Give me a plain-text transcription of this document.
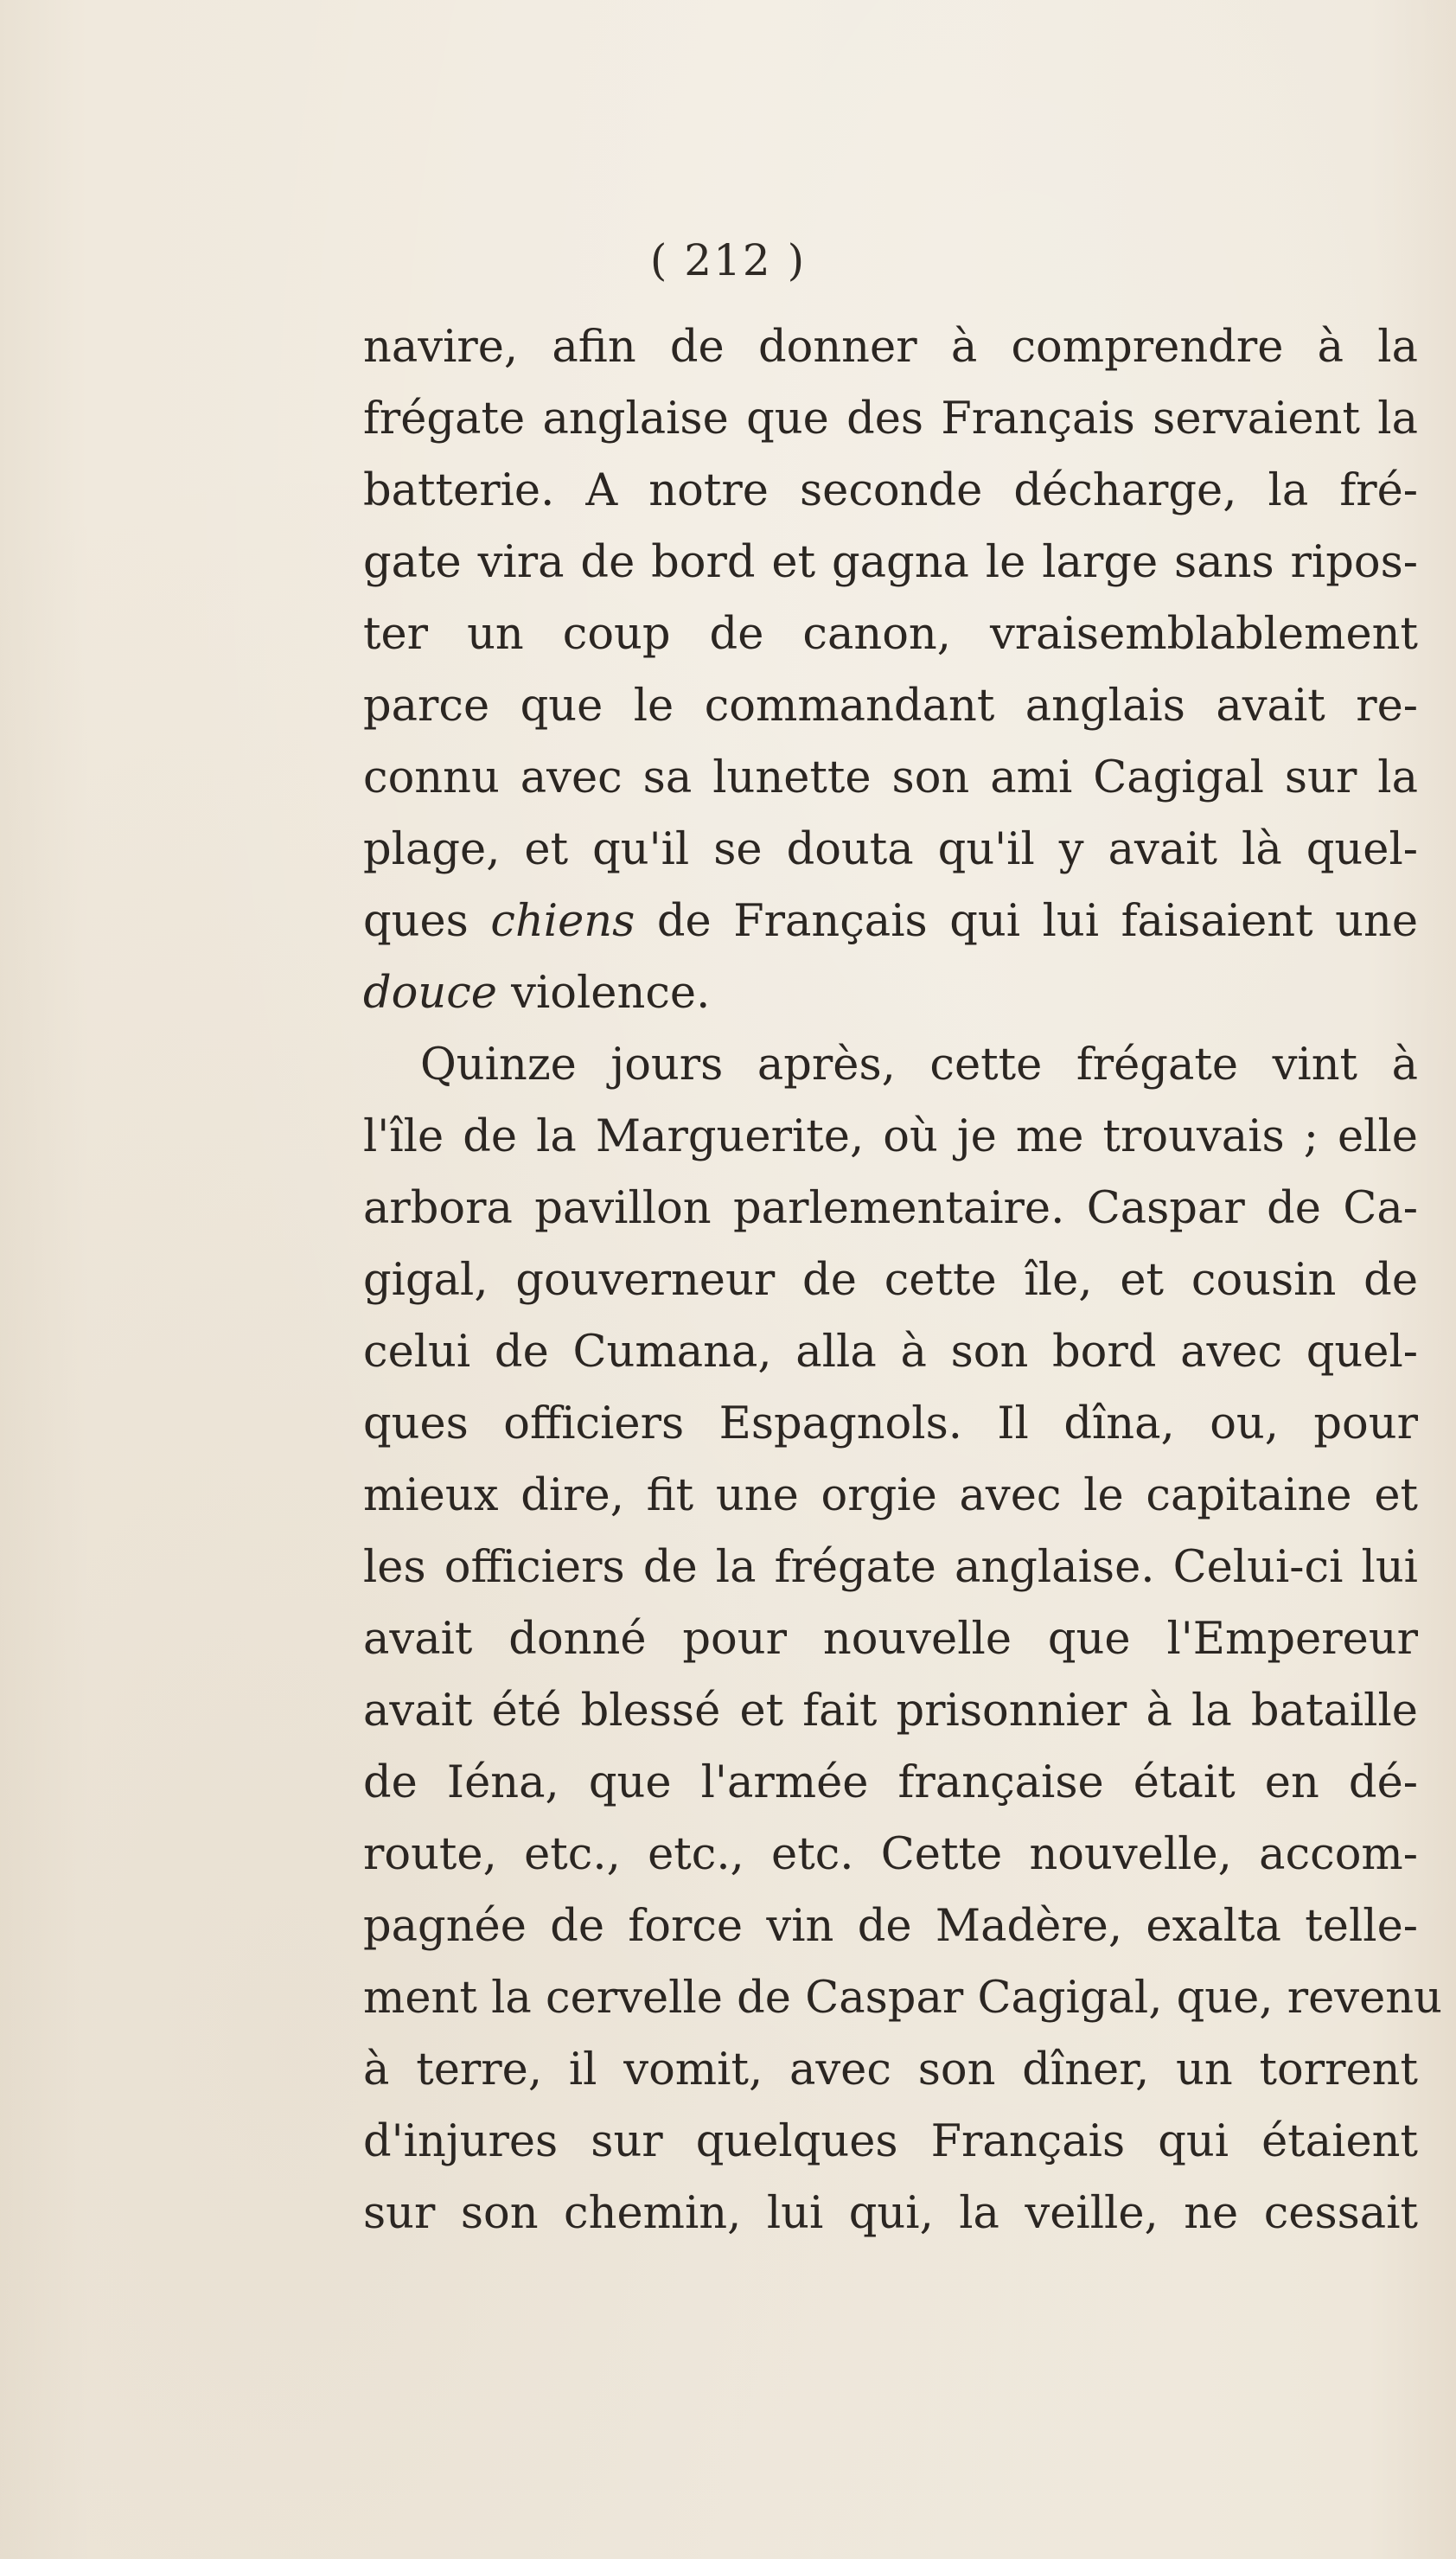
( 212 )
navire, afin de donner à comprendre à la
frégate anglaise que des Français servaient la
batterie. A notre seconde décharge, la fré-
gate vira de bord et gagna le large sans ripos-
ter un coup de canon, vraisemblablement
parce que le commandant anglais avait re-
connu avec sa lunette son ami Cagigal sur la
plage, et qu'il se douta qu'il y avait là quel-
ques chiens de Français qui lui faisaient une
douce violence.
Quinze jours après, cette frégate vint à
l'île de la Marguerite, où je me trouvais ; elle
arbora pavillon parlementaire. Caspar de Ca-
gigal, gouverneur de cette île, et cousin de
celui de Cumana, alla à son bord avec quel-
ques officiers Espagnols. Il dîna, ou, pour
mieux dire, fit une orgie avec le capitaine et
les officiers de la frégate anglaise. Celui-ci lui
avait donné pour nouvelle que l'Empereur
avait été blessé et fait prisonnier à la bataille
de Iéna, que l'armée française était en dé-
route, etc., etc., etc. Cette nouvelle, accom-
pagnée de force vin de Madère, exalta telle-
ment la cervelle de Caspar Cagigal, que, revenu
à terre, il vomit, avec son dîner, un torrent
d'injures sur quelques Français qui étaient
sur son chemin, lui qui, la veille, ne cessait
